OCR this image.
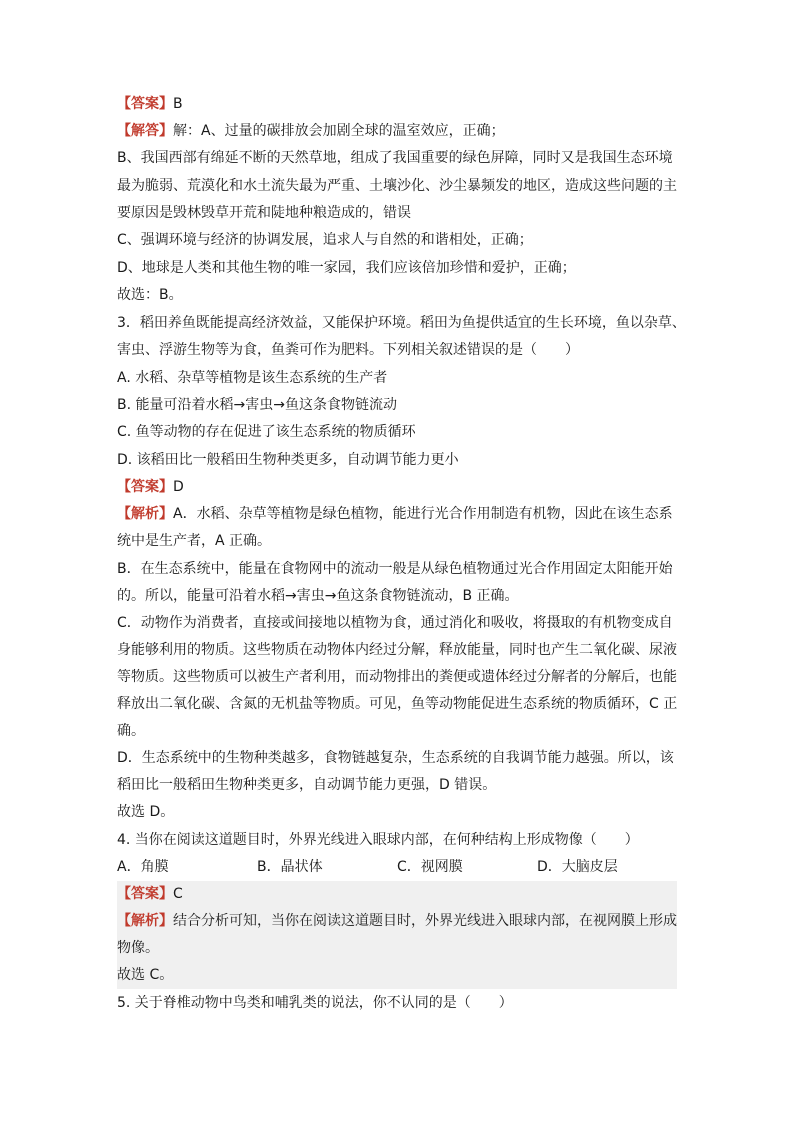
【答案】B
【解答】解：A、过量的碳排放会加剧全球的温室效应，正确；
B、我国西部有绵延不断的天然草地，组成了我国重要的绿色屏障，同时又是我国生态环境
最为脆弱、荒漠化和水土流失最为严重、土壤沙化、沙尘暴频发的地区，造成这些问题的主
要原因是毁林毁草开荒和陡地种粮造成的，错误
C、强调环境与经济的协调发展，追求人与自然的和谐相处，正确；
D、地球是人类和其他生物的唯一家园，我们应该倍加珍惜和爱护，正确；
故选：B。
3．稻田养鱼既能提高经济效益，又能保护环境。稻田为鱼提供适宜的生长环境，鱼以杂草、
害虫、浮游生物等为食，鱼粪可作为肥料。下列相关叙述错误的是（　　）
A. 水稻、杂草等植物是该生态系统的生产者
B. 能量可沿着水稻→害虫→鱼这条食物链流动
C. 鱼等动物的存在促进了该生态系统的物质循环
D. 该稻田比一般稻田生物种类更多，自动调节能力更小
【答案】D
【解析】A．水稻、杂草等植物是绿色植物，能进行光合作用制造有机物，因此在该生态系
统中是生产者，A 正确。
B．在生态系统中，能量在食物网中的流动一般是从绿色植物通过光合作用固定太阳能开始
的。所以，能量可沿着水稻→害虫→鱼这条食物链流动，B 正确。
C．动物作为消费者，直接或间接地以植物为食，通过消化和吸收，将摄取的有机物变成自
身能够利用的物质。这些物质在动物体内经过分解，释放能量，同时也产生二氧化碳、尿液
等物质。这些物质可以被生产者利用，而动物排出的粪便或遗体经过分解者的分解后，也能
释放出二氧化碳、含氮的无机盐等物质。可见，鱼等动物能促进生态系统的物质循环，C 正
确。
D．生态系统中的生物种类越多，食物链越复杂，生态系统的自我调节能力越强。所以，该
稻田比一般稻田生物种类更多，自动调节能力更强，D 错误。
故选 D。
4. 当你在阅读这道题目时，外界光线进入眼球内部，在何种结构上形成物像（　　）
A．角膜	B．晶状体	C．视网膜	D．大脑皮层
【答案】C
【解析】结合分析可知，当你在阅读这道题目时，外界光线进入眼球内部，在视网膜上形成
物像。
故选 C。
5. 关于脊椎动物中鸟类和哺乳类的说法，你不认同的是（　　）
